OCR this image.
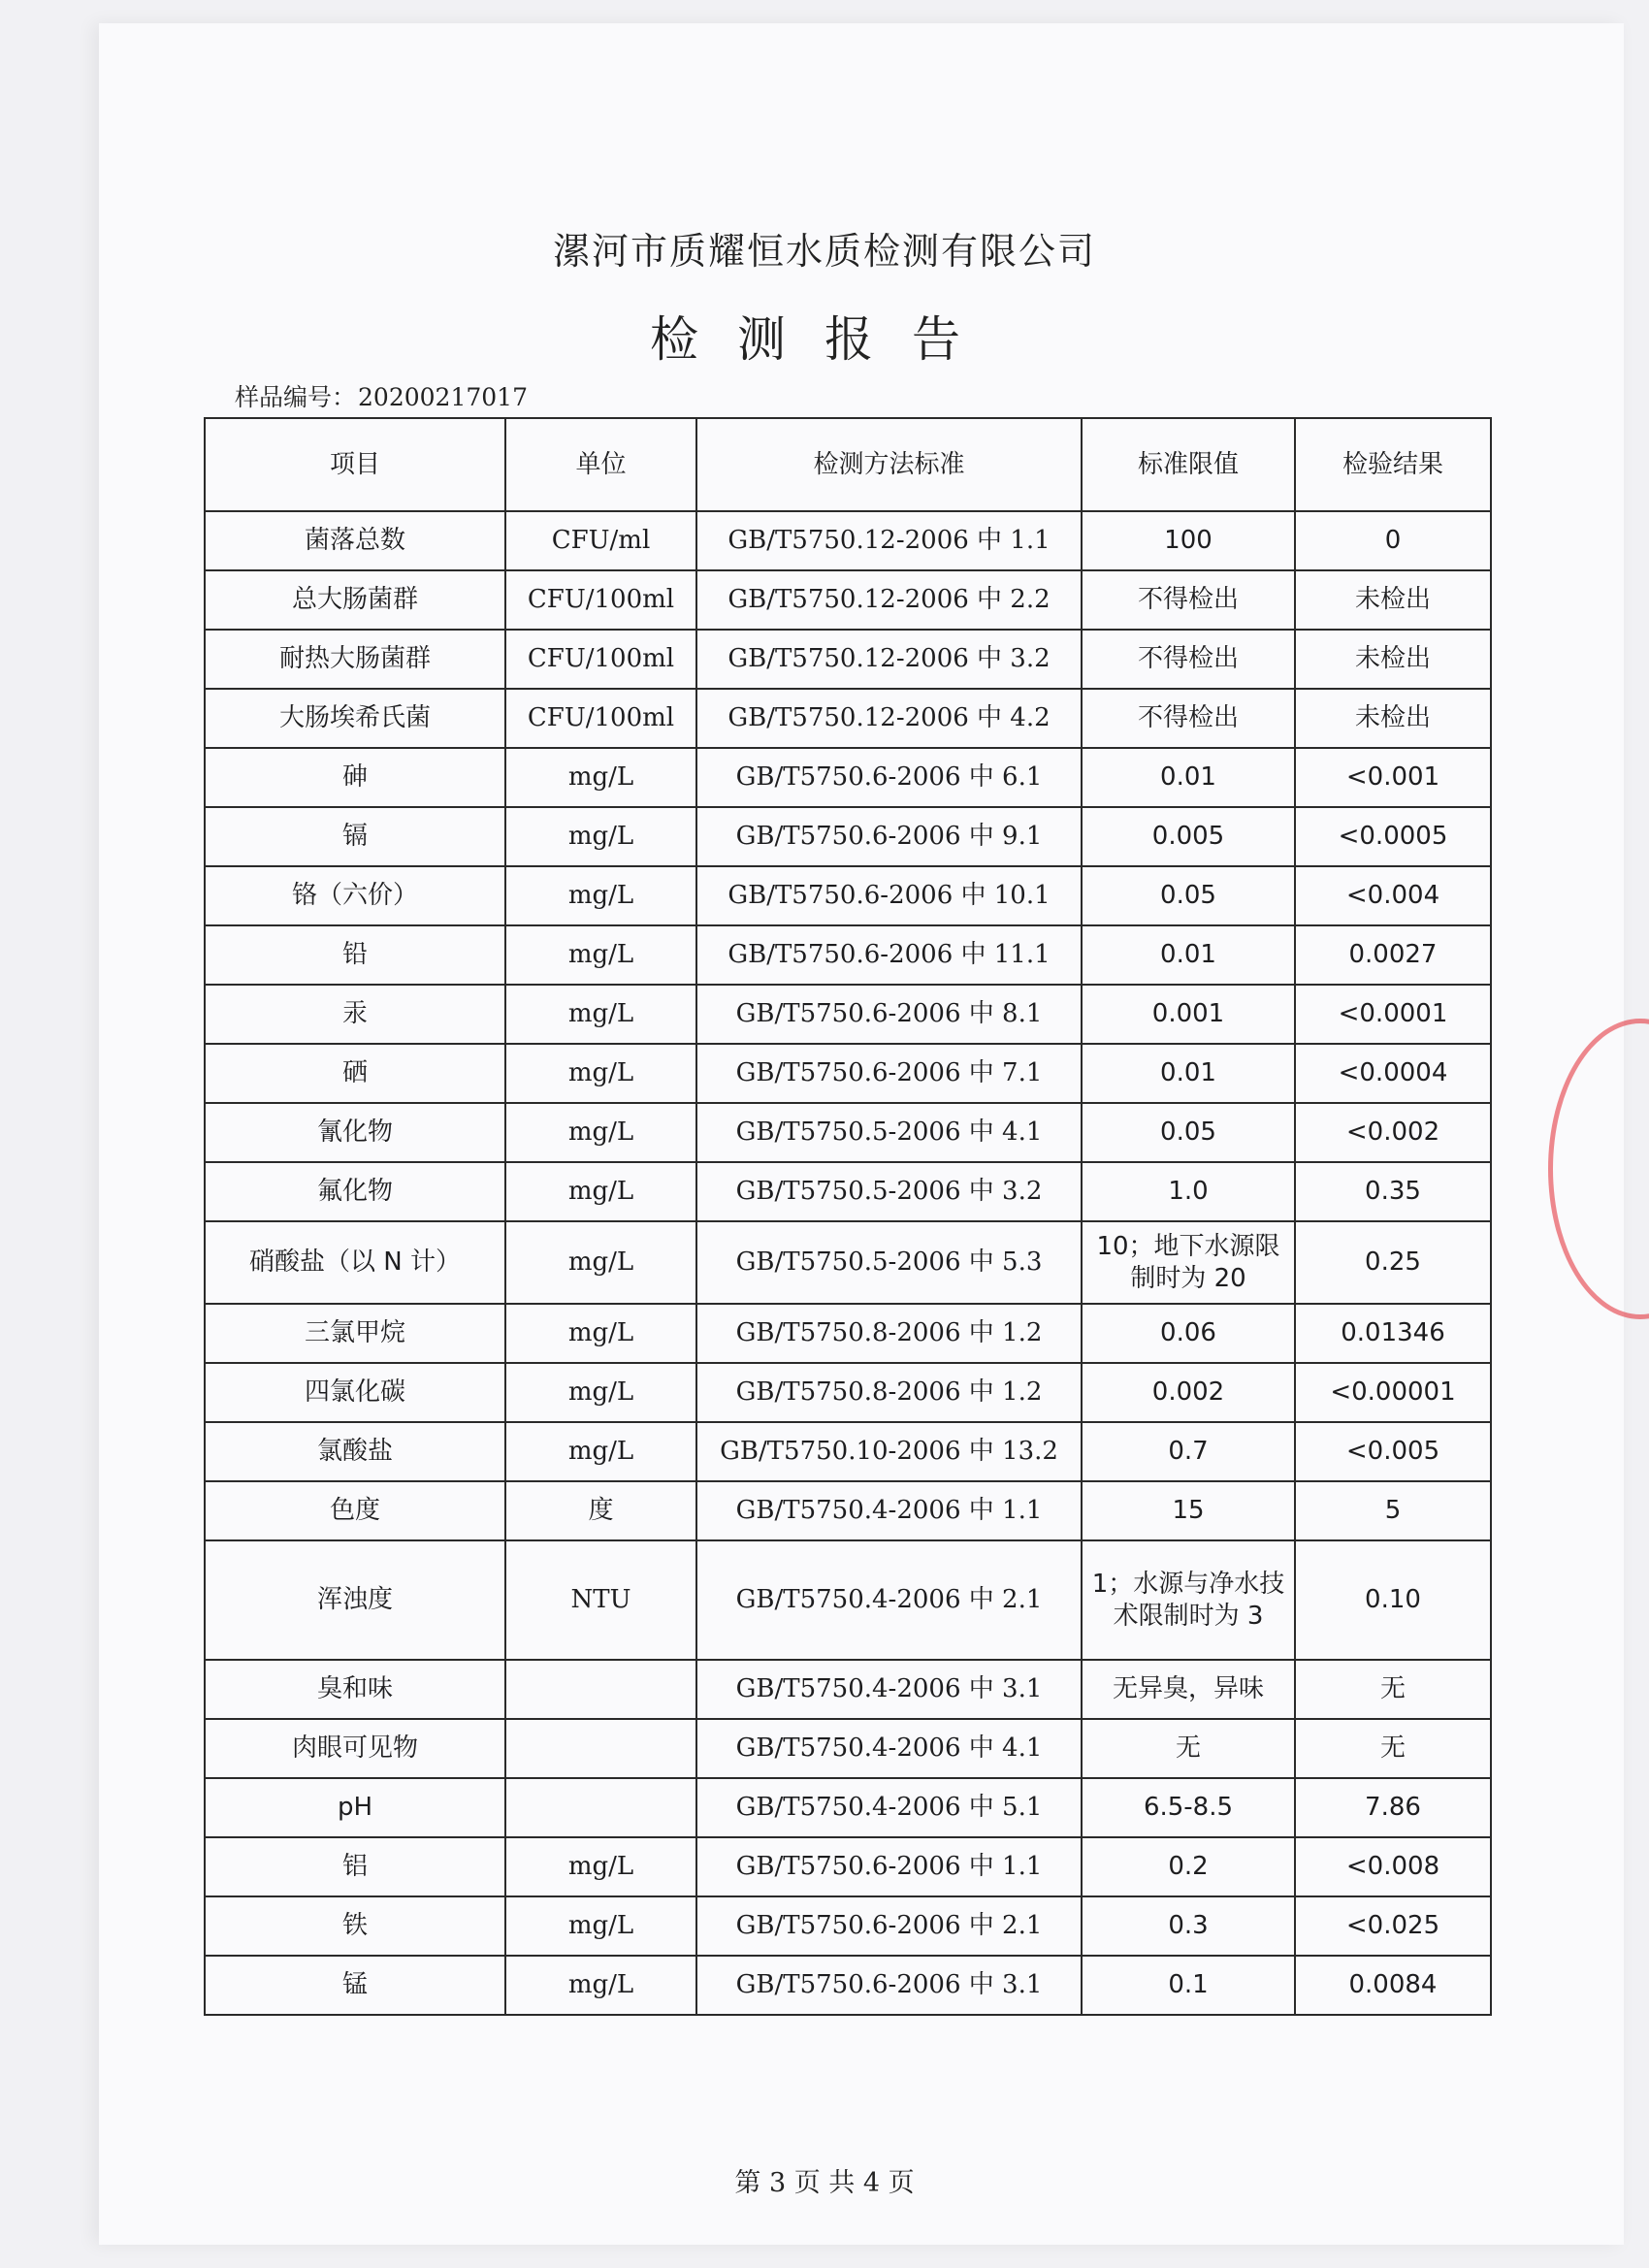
漯河市质耀恒水质检测有限公司
检测报告
样品编号：20200217017
项目	单位	检测方法标准	标准限值	检验结果
菌落总数	CFU/ml	GB/T5750.12-2006 中 1.1	100	0
总大肠菌群	CFU/100ml	GB/T5750.12-2006 中 2.2	不得检出	未检出
耐热大肠菌群	CFU/100ml	GB/T5750.12-2006 中 3.2	不得检出	未检出
大肠埃希氏菌	CFU/100ml	GB/T5750.12-2006 中 4.2	不得检出	未检出
砷	mg/L	GB/T5750.6-2006 中 6.1	0.01	<0.001
镉	mg/L	GB/T5750.6-2006 中 9.1	0.005	<0.0005
铬（六价）	mg/L	GB/T5750.6-2006 中 10.1	0.05	<0.004
铅	mg/L	GB/T5750.6-2006 中 11.1	0.01	0.0027
汞	mg/L	GB/T5750.6-2006 中 8.1	0.001	<0.0001
硒	mg/L	GB/T5750.6-2006 中 7.1	0.01	<0.0004
氰化物	mg/L	GB/T5750.5-2006 中 4.1	0.05	<0.002
氟化物	mg/L	GB/T5750.5-2006 中 3.2	1.0	0.35
硝酸盐（以 N 计）	mg/L	GB/T5750.5-2006 中 5.3	10；地下水源限制时为 20	0.25
三氯甲烷	mg/L	GB/T5750.8-2006 中 1.2	0.06	0.01346
四氯化碳	mg/L	GB/T5750.8-2006 中 1.2	0.002	<0.00001
氯酸盐	mg/L	GB/T5750.10-2006 中 13.2	0.7	<0.005
色度	度	GB/T5750.4-2006 中 1.1	15	5
浑浊度	NTU	GB/T5750.4-2006 中 2.1	1；水源与净水技术限制时为 3	0.10
臭和味		GB/T5750.4-2006 中 3.1	无异臭，异味	无
肉眼可见物		GB/T5750.4-2006 中 4.1	无	无
pH		GB/T5750.4-2006 中 5.1	6.5-8.5	7.86
铝	mg/L	GB/T5750.6-2006 中 1.1	0.2	<0.008
铁	mg/L	GB/T5750.6-2006 中 2.1	0.3	<0.025
锰	mg/L	GB/T5750.6-2006 中 3.1	0.1	0.0084
第 3 页 共 4 页
